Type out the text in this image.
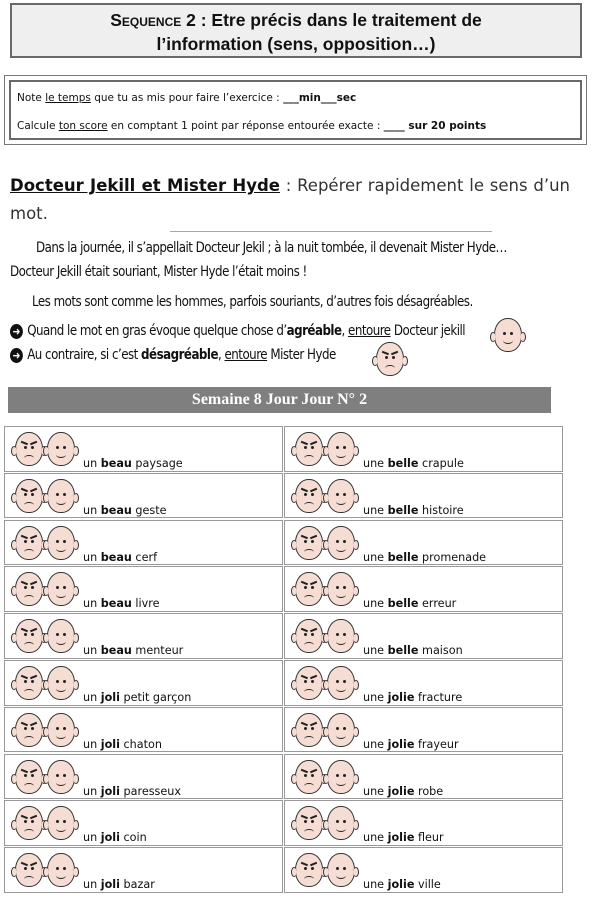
Sequence 2 : Etre précis dans le traitement de
l’information (sens, opposition…)
Note le temps que tu as mis pour faire l’exercice : ___min___sec
Calcule ton score en comptant 1 point par réponse entourée exacte : ____ sur 20 points
Docteur Jekill et Mister Hyde : Repérer rapidement le sens d’un mot.
Dans la journée, il s’appellait Docteur Jekil ; à la nuit tombée, il devenait Mister Hyde…
Docteur Jekill était souriant, Mister Hyde l’était moins !
Les mots sont comme les hommes, parfois souriants, d’autres fois désagréables.
➜ Quand le mot en gras évoque quelque chose d’agréable, entoure Docteur jekill
➜ Au contraire, si c’est désagréable, entoure Mister Hyde
Semaine 8 Jour Jour N° 2
un beau paysage
un beau geste
un beau cerf
un beau livre
un beau menteur
un joli petit garçon
un joli chaton
un joli paresseux
un joli coin
un joli bazar
une belle crapule
une belle histoire
une belle promenade
une belle erreur
une belle maison
une jolie fracture
une jolie frayeur
une jolie robe
une jolie fleur
une jolie ville
